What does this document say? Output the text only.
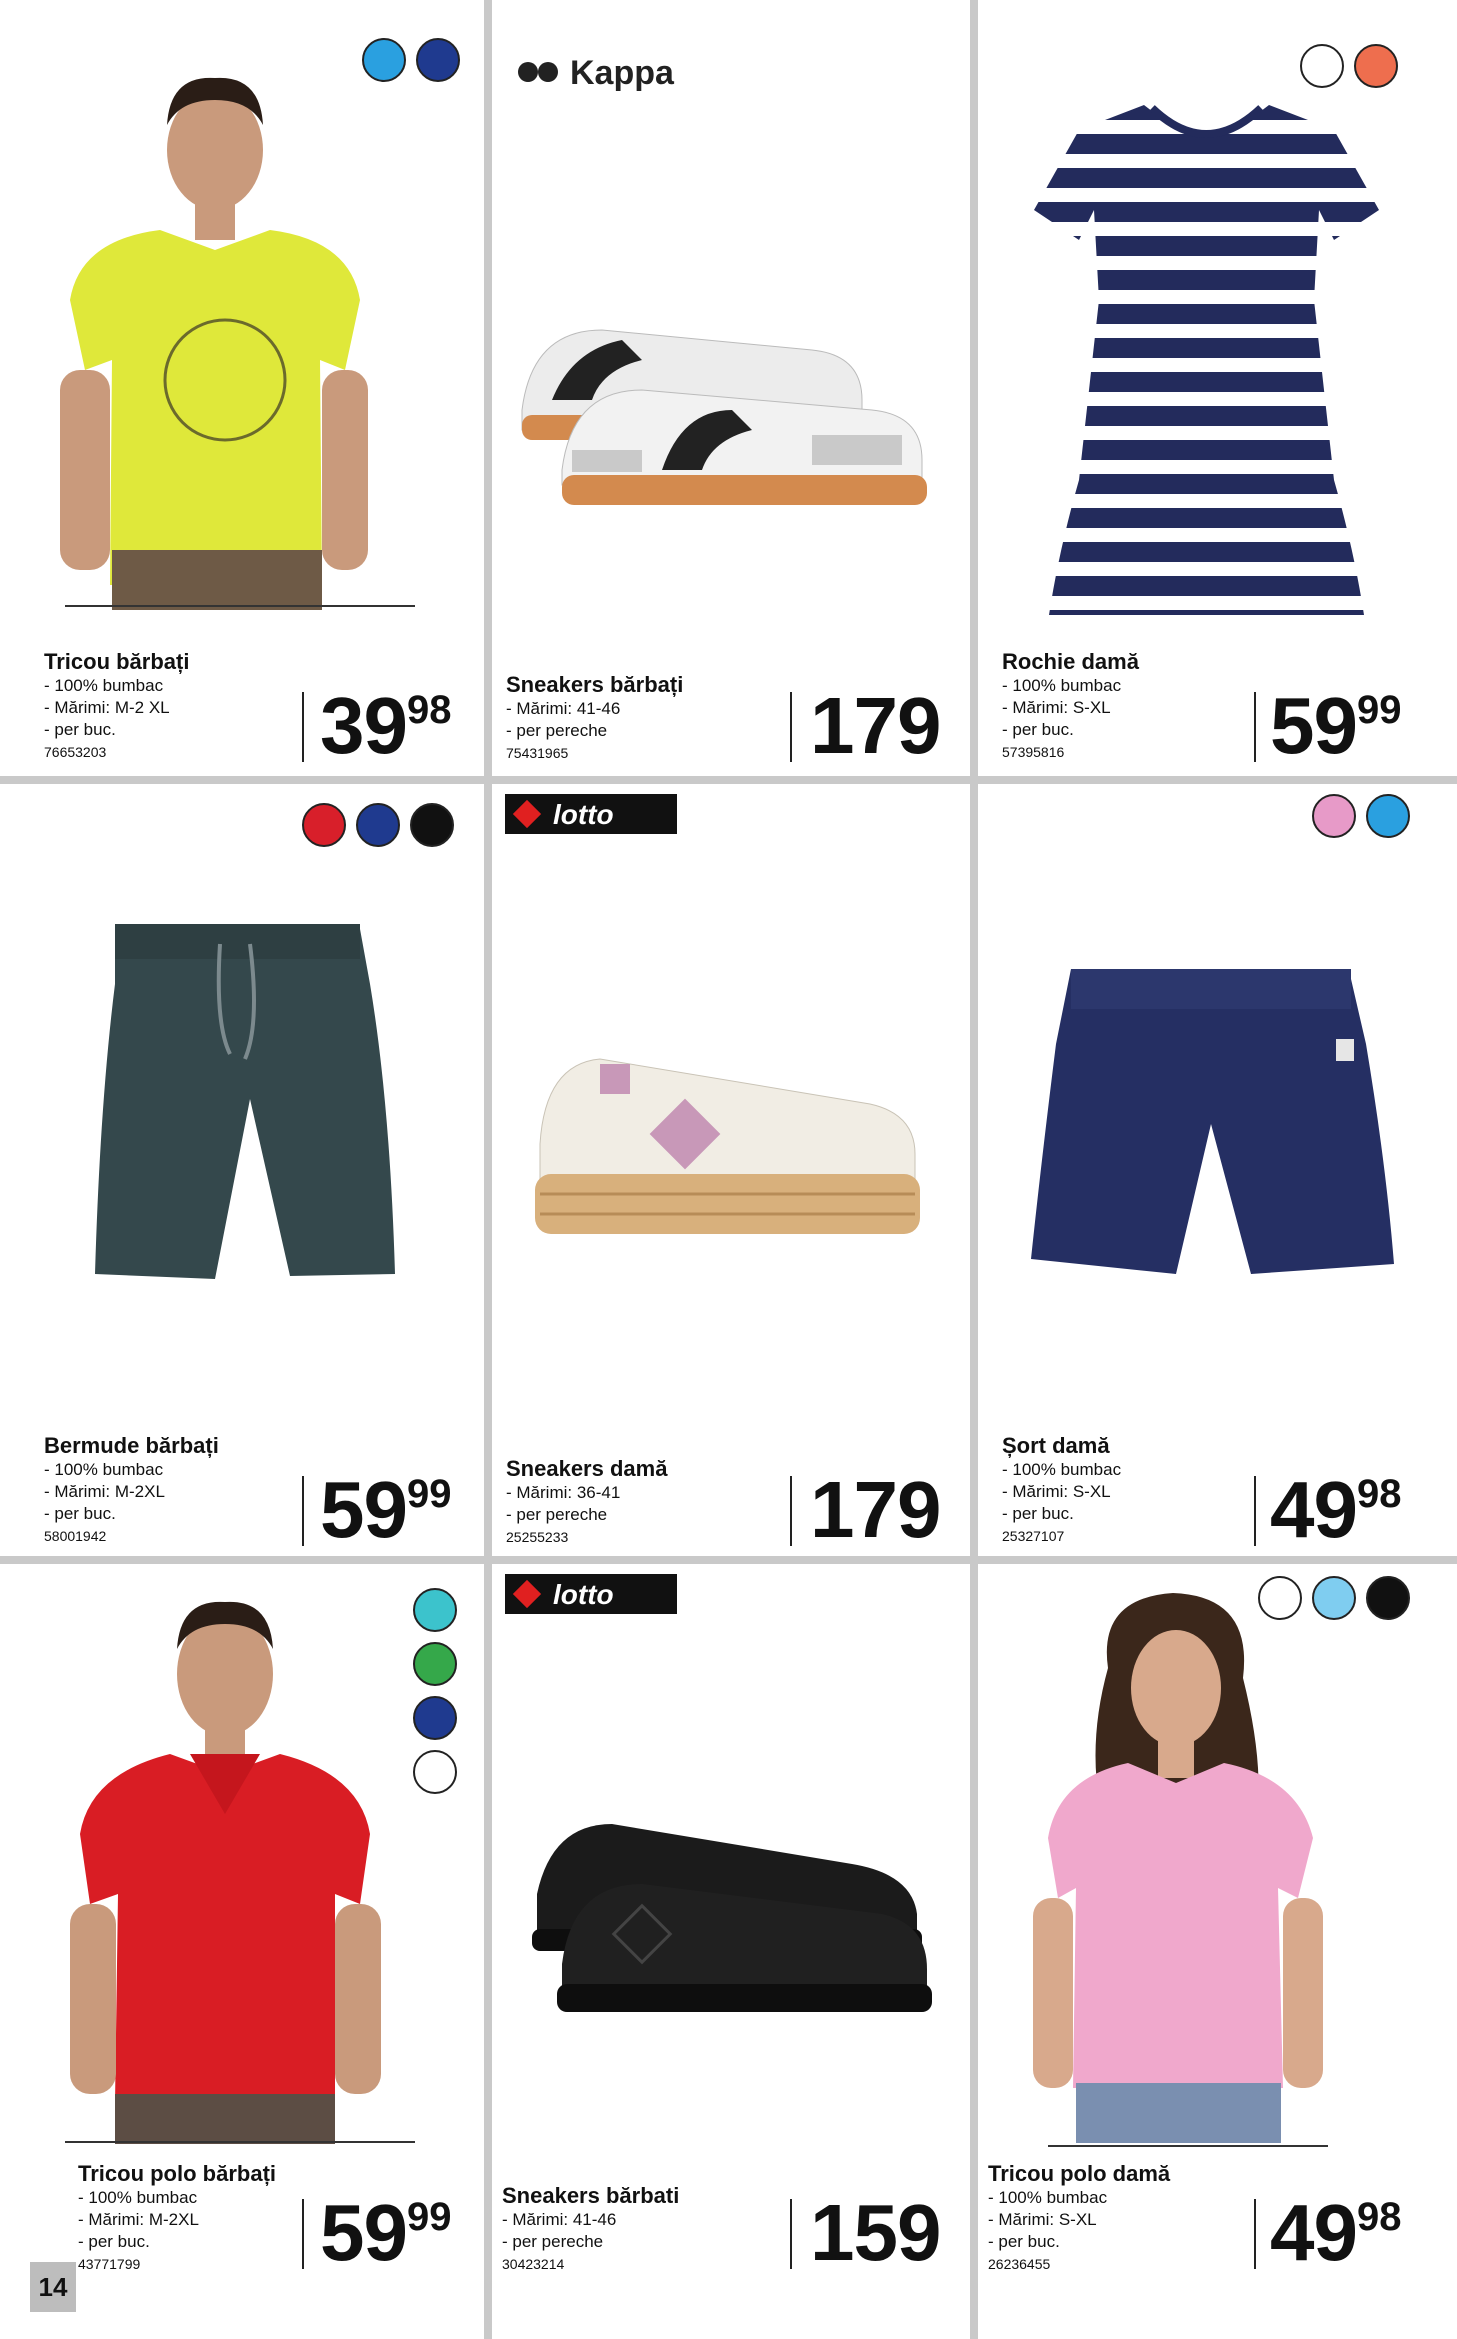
Tricou bărbați
- 100% bumbac
- Mărimi: M-2 XL
- per buc.
76653203	3998
Kappa
Sneakers bărbați
- Mărimi: 41-46
- per pereche
75431965	179
Rochie damă
- 100% bumbac
- Mărimi: S-XL
- per buc.
57395816	5999
Bermude bărbați
- 100% bumbac
- Mărimi: M-2XL
- per buc.
58001942	5999
lotto
Sneakers damă
- Mărimi: 36-41
- per pereche
25255233	179
Șort damă
- 100% bumbac
- Mărimi: S-XL
- per buc.
25327107	4998
Tricou polo bărbați
- 100% bumbac
- Mărimi: M-2XL
- per buc.
43771799	5999
lotto
Sneakers bărbati
- Mărimi: 41-46
- per pereche
30423214	159
Tricou polo damă
- 100% bumbac
- Mărimi: S-XL
- per buc.
26236455	4998
14
